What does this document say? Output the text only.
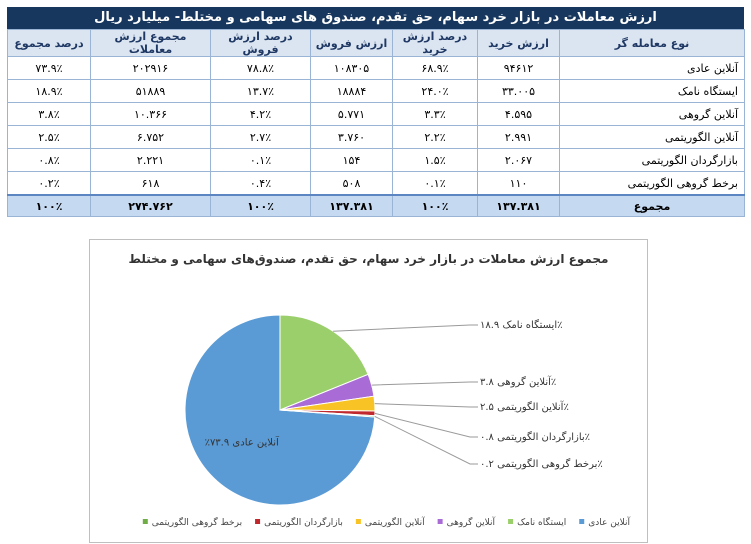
ارزش معاملات در بازار خرد سهام، حق تقدم، صندوق های سهامی و مختلط- میلیارد ریال
نوع معامله گر	ارزش خرید	درصد ارزش خرید	ارزش فروش	درصد ارزش فروش	مجموع ارزش معاملات	درصد مجموع
آنلاین عادی	۹۴۶۱۲	۶۸.۹٪	۱۰۸۳۰۵	۷۸.۸٪	۲۰۲۹۱۶	۷۳.۹٪
ایستگاه نامک	۳۳.۰۰۵	۲۴.۰٪	۱۸۸۸۴	۱۳.۷٪	۵۱۸۸۹	۱۸.۹٪
آنلاین گروهی	۴.۵۹۵	۳.۳٪	۵.۷۷۱	۴.۲٪	۱۰.۳۶۶	۳.۸٪
آنلاین الگوریتمی	۲.۹۹۱	۲.۲٪	۳.۷۶۰	۲.۷٪	۶.۷۵۲	۲.۵٪
بازارگردان الگوریتمی	۲.۰۶۷	۱.۵٪	۱۵۴	۰.۱٪	۲.۲۲۱	۰.۸٪
برخط گروهی الگوریتمی	۱۱۰	۰.۱٪	۵۰۸	۰.۴٪	۶۱۸	۰.۲٪
مجموع	۱۳۷.۳۸۱	۱۰۰٪	۱۳۷.۳۸۱	۱۰۰٪	۲۷۴.۷۶۲	۱۰۰٪
مجموع ارزش معاملات در بازار خرد سهام، حق تقدم، صندوق‌های سهامی و مختلط
آنلاین عادی ۷۳.۹٪
ایستگاه نامک ۱۸.۹٪
آنلاین گروهی ۳.۸٪
آنلاین الگوریتمی ۲.۵٪
بازارگردان الگوریتمی ۰.۸٪
برخط گروهی الگوریتمی ۰.۲٪
آنلاین عادی
ایستگاه نامک
آنلاین گروهی
آنلاین الگوریتمی
بازارگردان الگوریتمی
برخط گروهی الگوریتمی
